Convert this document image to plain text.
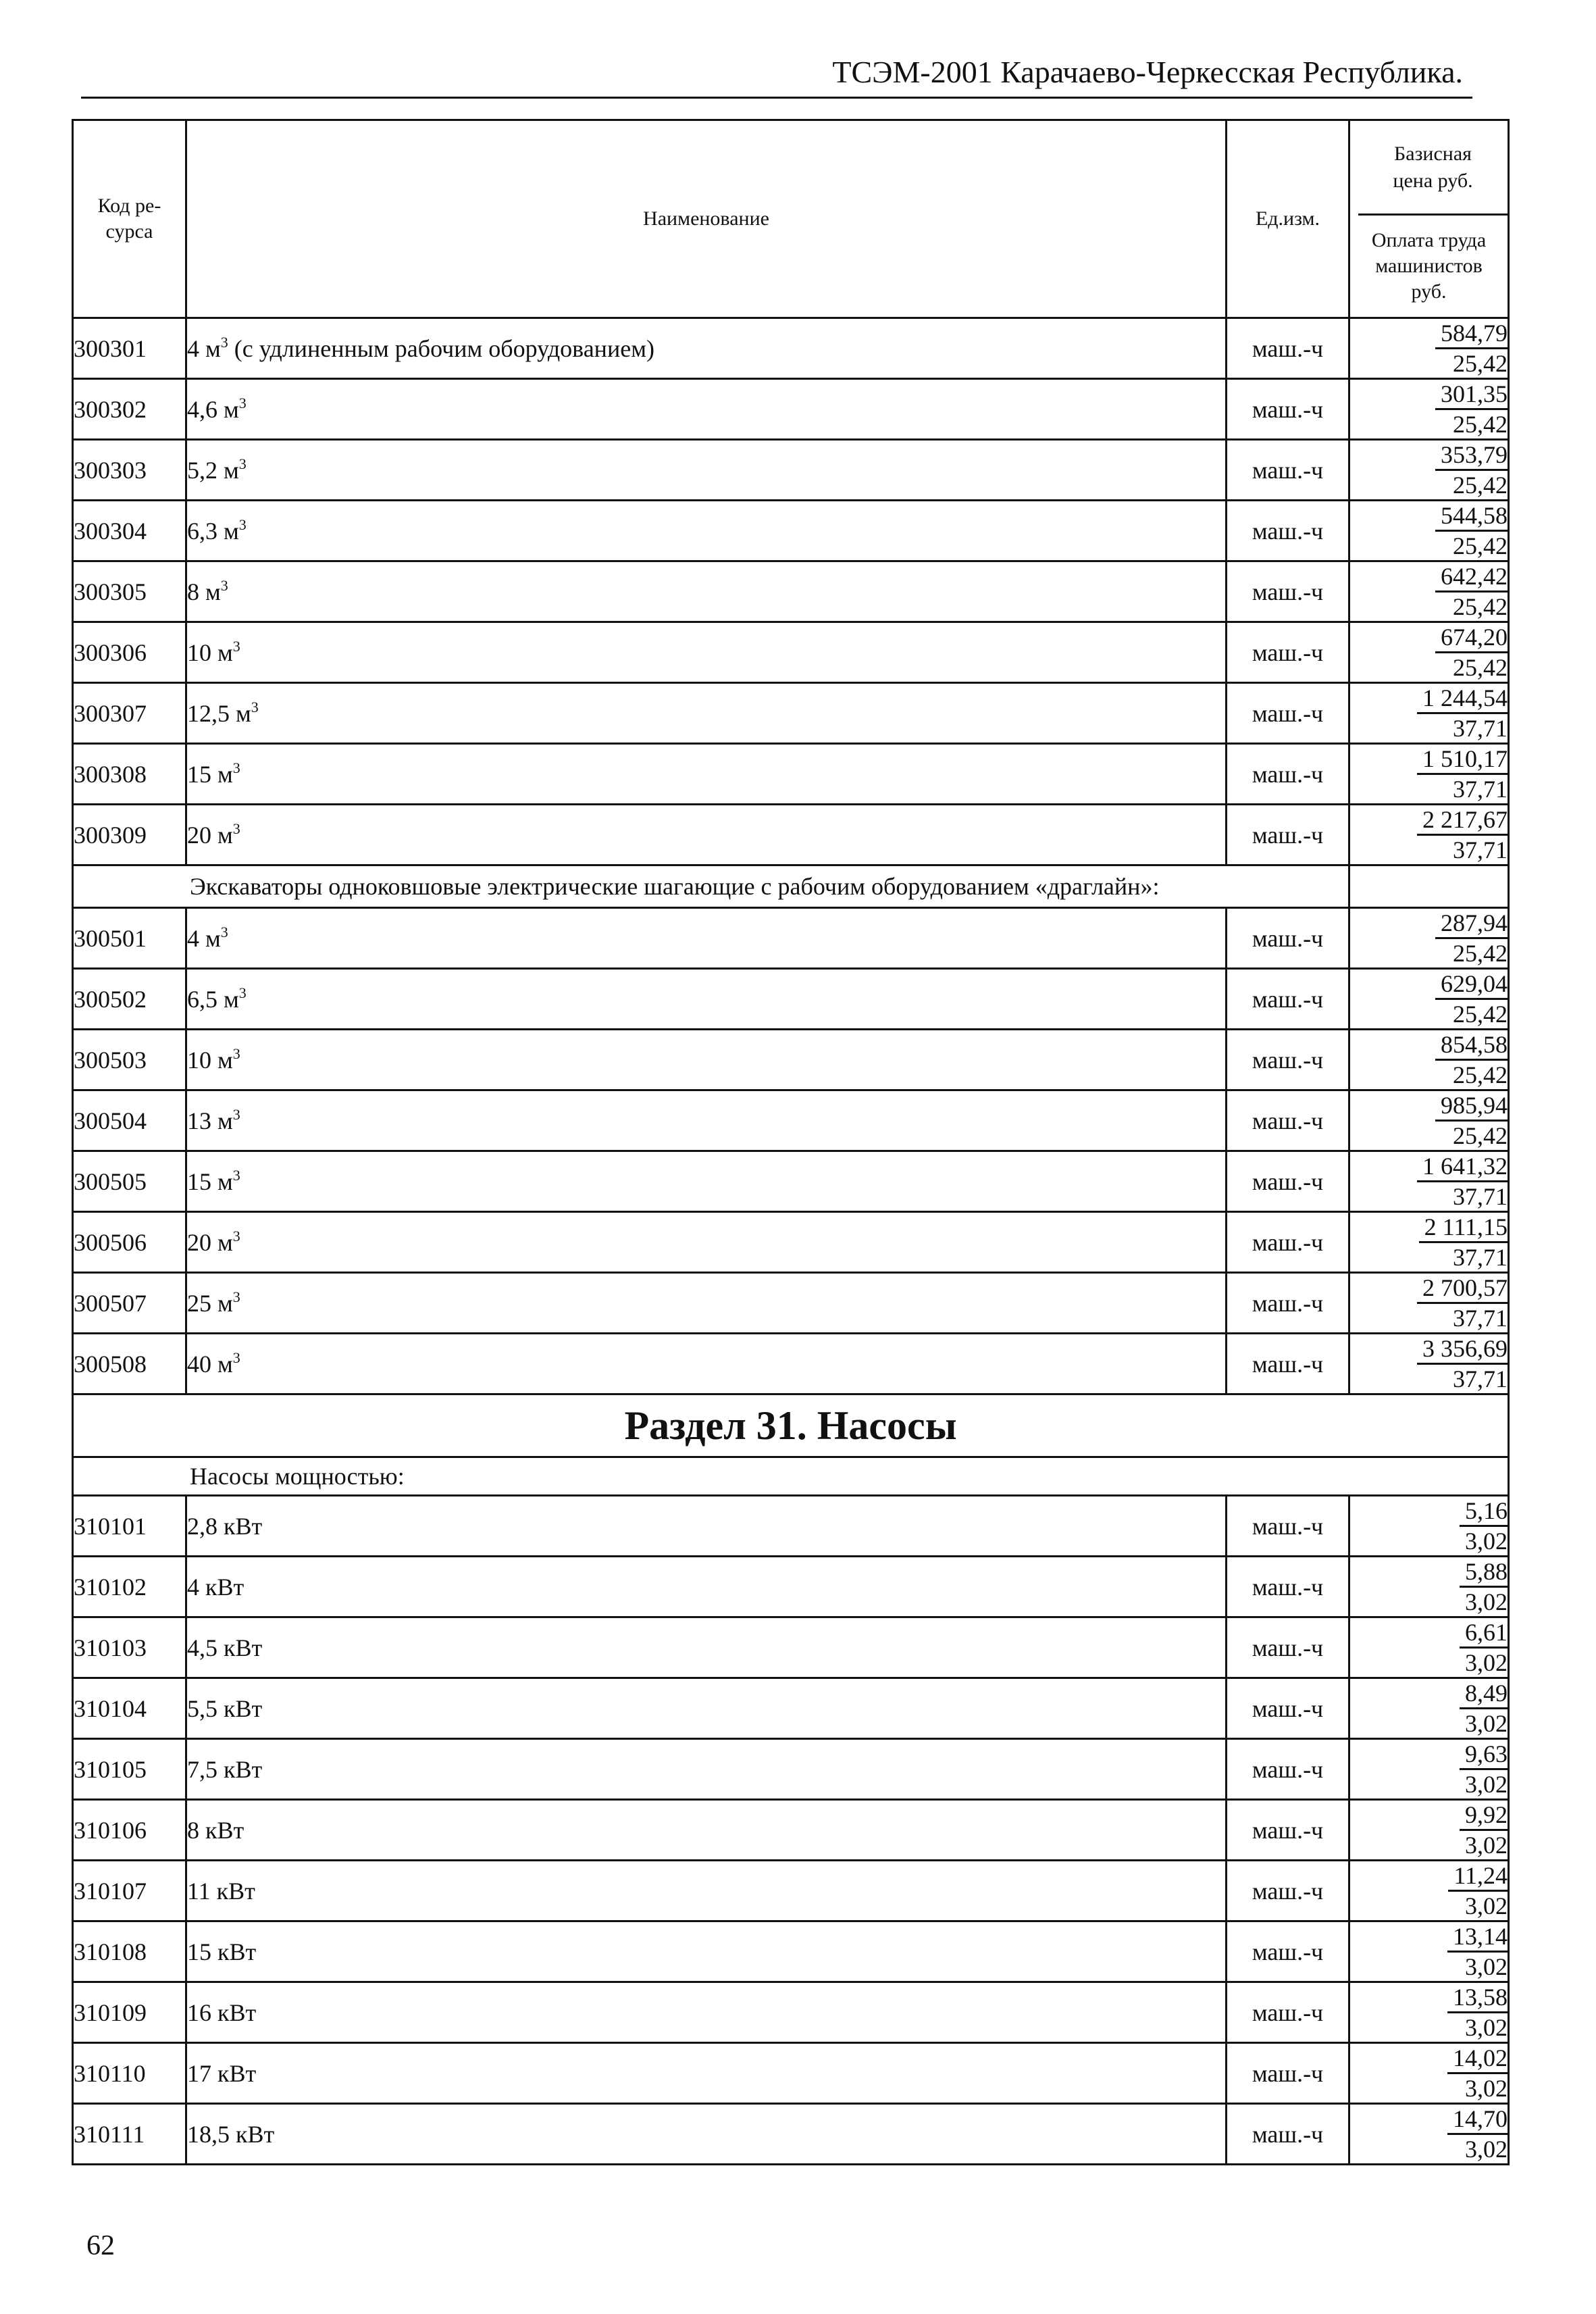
ТСЭМ-2001 Карачаево-Черкесская Республика.
Код ре-сурса	Наименование	Ед.изм.	Базисная цена руб.
Оплата труда машинистов руб.

300301	4 $м^3$ (с удлиненным рабочим оборудованием)	маш.-ч	584,79
25,42

300302	4,6 $м^3$	маш.-ч	301,35
25,42

300303	5,2 $м^3$	маш.-ч	353,79
25,42

300304	6,3 $м^3$	маш.-ч	544,58
25,42

300305	8 $м^3$	маш.-ч	642,42
25,42

300306	10 $м^3$	маш.-ч	674,20
25,42

300307	12,5 $м^3$	маш.-ч	1 244,54
37,71

300308	15 $м^3$	маш.-ч	1 510,17
37,71

300309	20 $м^3$	маш.-ч	2 217,67
37,71

Экскаваторы одноковшовые электрические шагающие с рабочим оборудованием «драглайн»:			
300501	4 $м^3$	маш.-ч	287,94
25,42

300502	6,5 $м^3$	маш.-ч	629,04
25,42

300503	10 $м^3$	маш.-ч	854,58
25,42

300504	13 $м^3$	маш.-ч	985,94
25,42

300505	15 $м^3$	маш.-ч	1 641,32
37,71

300506	20 $м^3$	маш.-ч	2 111,15
37,71

300507	25 $м^3$	маш.-ч	2 700,57
37,71

300508	40 $м^3$	маш.-ч	3 356,69
37,71

Раздел 31. Насосы			
Насосы мощностью:			
310101	2,8 кВт	маш.-ч	5,16
3,02

310102	4 кВт	маш.-ч	5,88
3,02

310103	4,5 кВт	маш.-ч	6,61
3,02

310104	5,5 кВт	маш.-ч	8,49
3,02

310105	7,5 кВт	маш.-ч	9,63
3,02

310106	8 кВт	маш.-ч	9,92
3,02

310107	11 кВт	маш.-ч	11,24
3,02

310108	15 кВт	маш.-ч	13,14
3,02

310109	16 кВт	маш.-ч	13,58
3,02

310110	17 кВт	маш.-ч	14,02
3,02

310111	18,5 кВт	маш.-ч	14,70
3,02
62
